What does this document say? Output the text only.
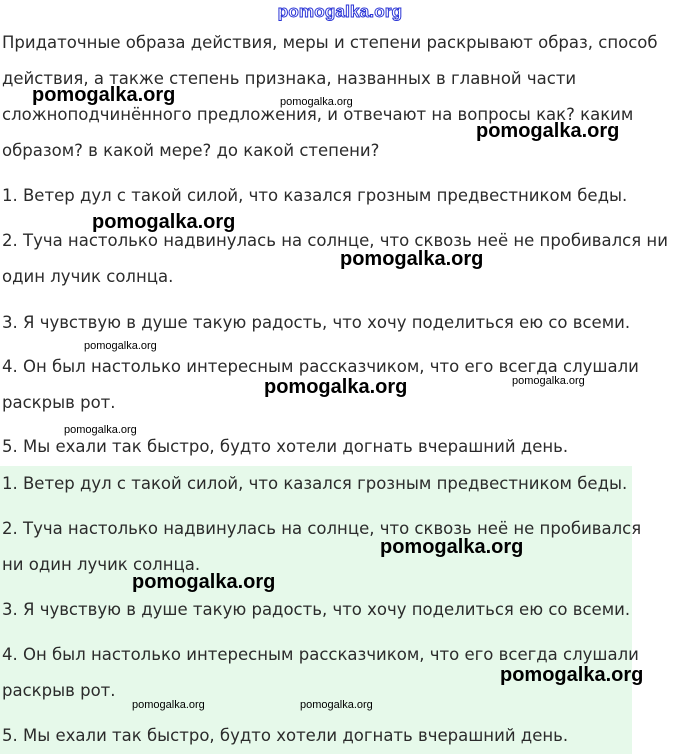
pomogalka.org
Придаточные образа действия, меры и степени раскрывают образ, способ
действия, а также степень признака, названных в главной части
сложноподчинённого предложения, и отвечают на вопросы как? каким
образом? в какой мере? до какой степени?
1. Ветер дул с такой силой, что казался грозным предвестником беды.
2. Туча настолько надвинулась на солнце, что сквозь неё не пробивался ни
один лучик солнца.
3. Я чувствую в душе такую радость, что хочу поделиться ею со всеми.
4. Он был настолько интересным рассказчиком, что его всегда слушали
раскрыв рот.
5. Мы ехали так быстро, будто хотели догнать вчерашний день.
1. Ветер дул с такой силой, что казался грозным предвестником беды.
2. Туча настолько надвинулась на солнце, что сквозь неё не пробивался
ни один лучик солнца.
3. Я чувствую в душе такую радость, что хочу поделиться ею со всеми.
4. Он был настолько интересным рассказчиком, что его всегда слушали
раскрыв рот.
5. Мы ехали так быстро, будто хотели догнать вчерашний день.
pomogalka.org	pomogalka.org
pomogalka.org
pomogalka.org
pomogalka.org
pomogalka.org
pomogalka.org	pomogalka.org
pomogalka.org
pomogalka.org
pomogalka.org
pomogalka.org
pomogalka.org	pomogalka.org
